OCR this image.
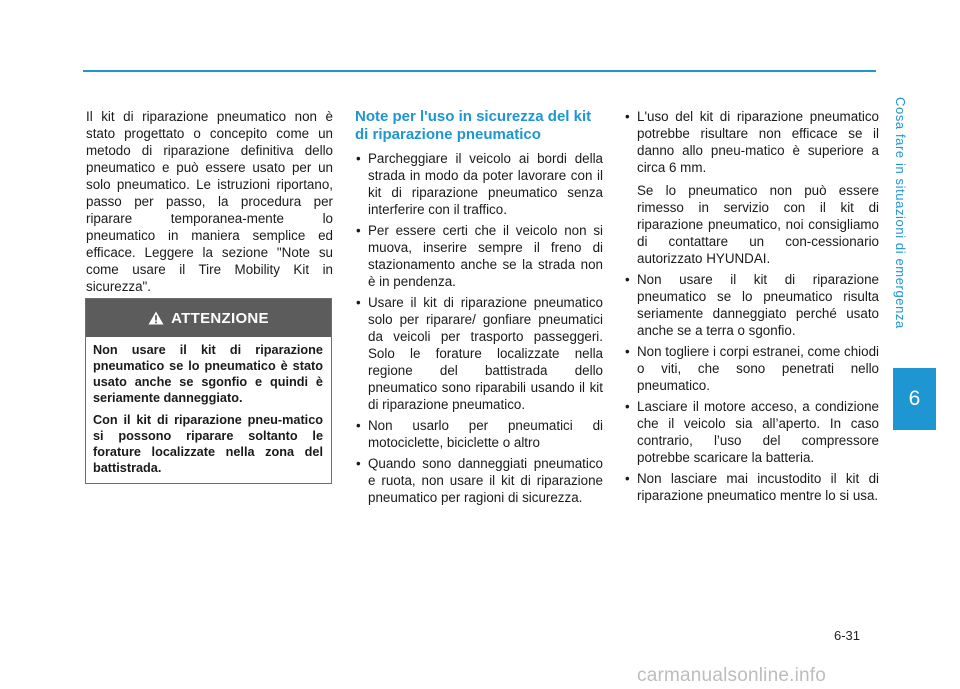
Cosa fare in situazioni di emergenza
6

Il kit di riparazione pneumatico non è stato progettato o concepito come un metodo di riparazione definitiva dello pneumatico e può essere usato per un solo pneumatico. Le istruzioni riportano, passo per passo, la procedura per riparare temporanea-mente lo pneumatico in maniera semplice ed efficace. Leggere la sezione "Note su come usare il Tire Mobility Kit in sicurezza".

ATTENZIONE

Non usare il kit di riparazione pneumatico se lo pneumatico è stato usato anche se sgonfio e quindi è seriamente danneggiato.

Con il kit di riparazione pneu-matico si possono riparare soltanto le forature localizzate nella zona del battistrada.

Note per l'uso in sicurezza del kit di riparazione pneumatico
• Parcheggiare il veicolo ai bordi della strada in modo da poter lavorare con il kit di riparazione pneumatico senza interferire con il traffico.
• Per essere certi che il veicolo non si muova, inserire sempre il freno di stazionamento anche se la strada non è in pendenza.
• Usare il kit di riparazione pneumatico solo per riparare/ gonfiare pneumatici da veicoli per trasporto passeggeri. Solo le forature localizzate nella regione del battistrada dello pneumatico sono riparabili usando il kit di riparazione pneumatico.
• Non usarlo per pneumatici di motociclette, biciclette o altro
• Quando sono danneggiati pneumatico e ruota, non usare il kit di riparazione pneumatico per ragioni di sicurezza.
• L'uso del kit di riparazione pneumatico potrebbe risultare non efficace se il danno allo pneu-matico è superiore a circa 6 mm.
Se lo pneumatico non può essere rimesso in servizio con il kit di riparazione pneumatico, noi consigliamo di contattare un con-cessionario autorizzato HYUNDAI.
• Non usare il kit di riparazione pneumatico se lo pneumatico risulta seriamente danneggiato perché usato anche se a terra o sgonfio.
• Non togliere i corpi estranei, come chiodi o viti, che sono penetrati nello pneumatico.
• Lasciare il motore acceso, a condizione che il veicolo sia all’aperto. In caso contrario, l’uso del compressore potrebbe scaricare la batteria.
• Non lasciare mai incustodito il kit di riparazione pneumatico mentre lo si usa.
6-31
carmanualsonline.info
